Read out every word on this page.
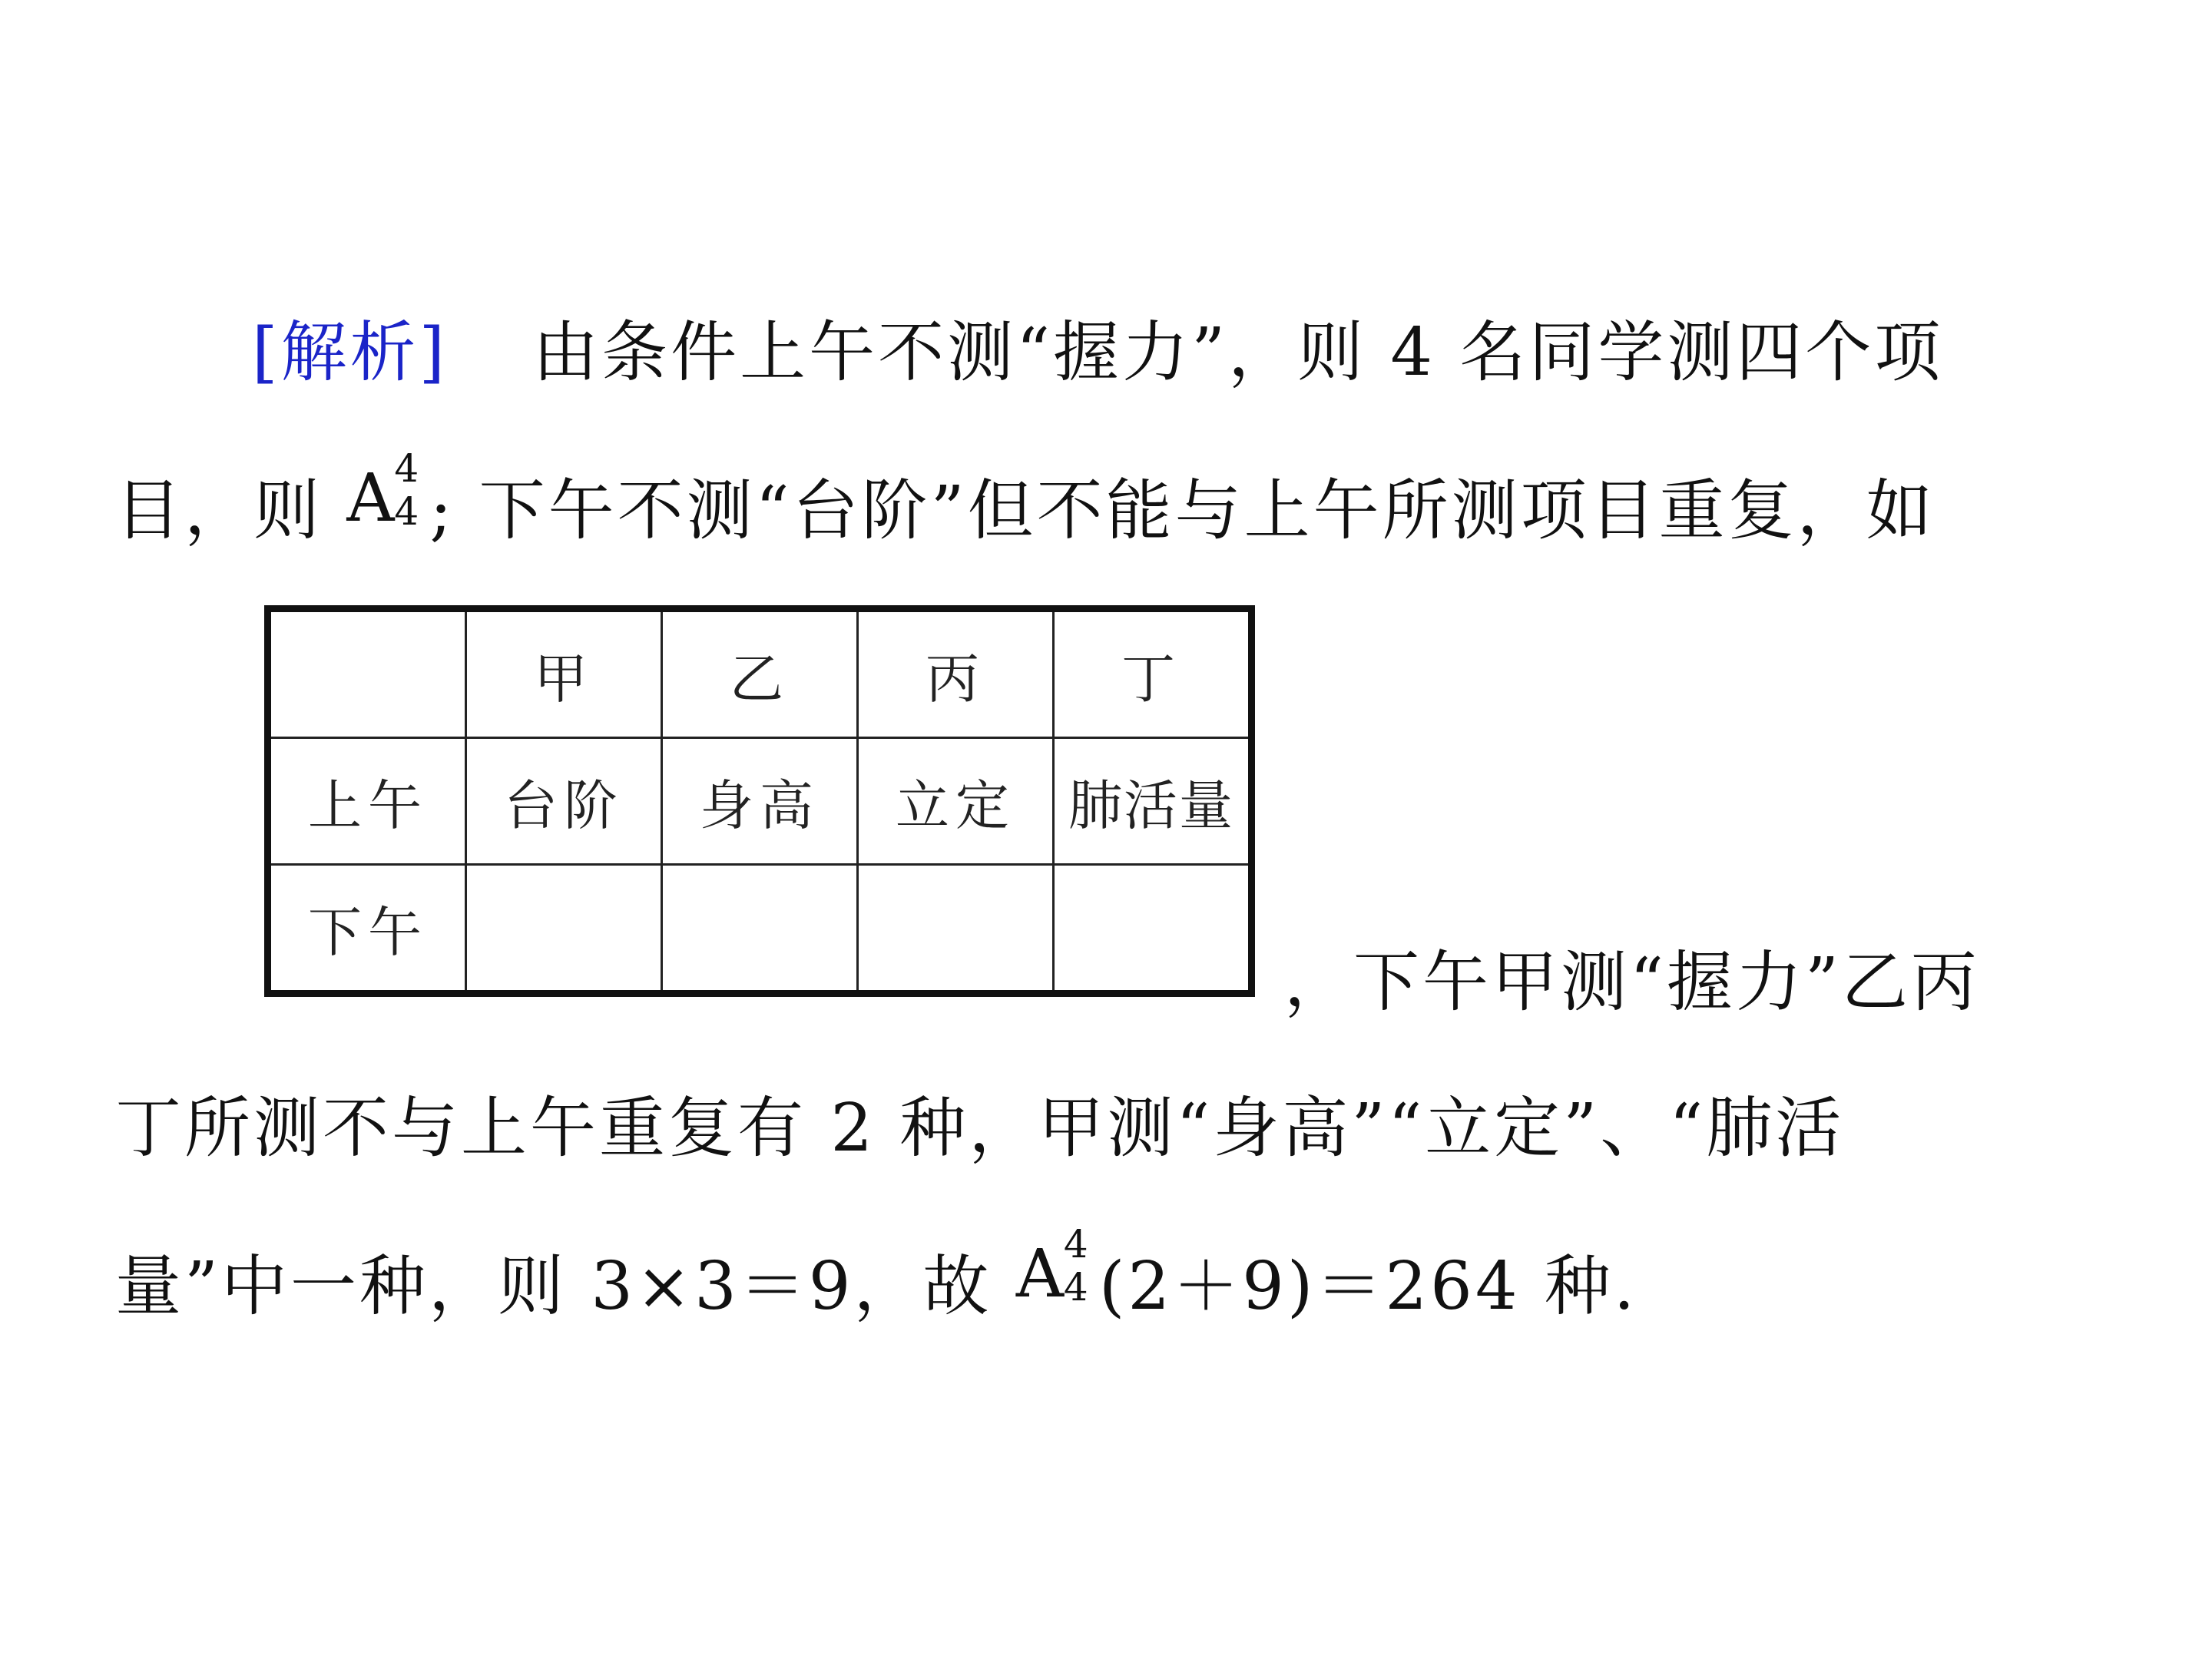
[解析] 由条件上午不测“握力”，则 4 名同学测四个项
目，则 A
4
4 ; 下午不测“台阶”但不能与上午所测项目重复，如
	甲	乙	丙	丁
上午	台阶	身高	立定	肺活量
下午				
，下午甲测“握力”乙丙
丁所测不与上午重复有 2 种，甲测“身高”“立定”、“肺活
量”中一种，则 3×3＝9，故 A
4
4 (2＋9)＝264 种.
